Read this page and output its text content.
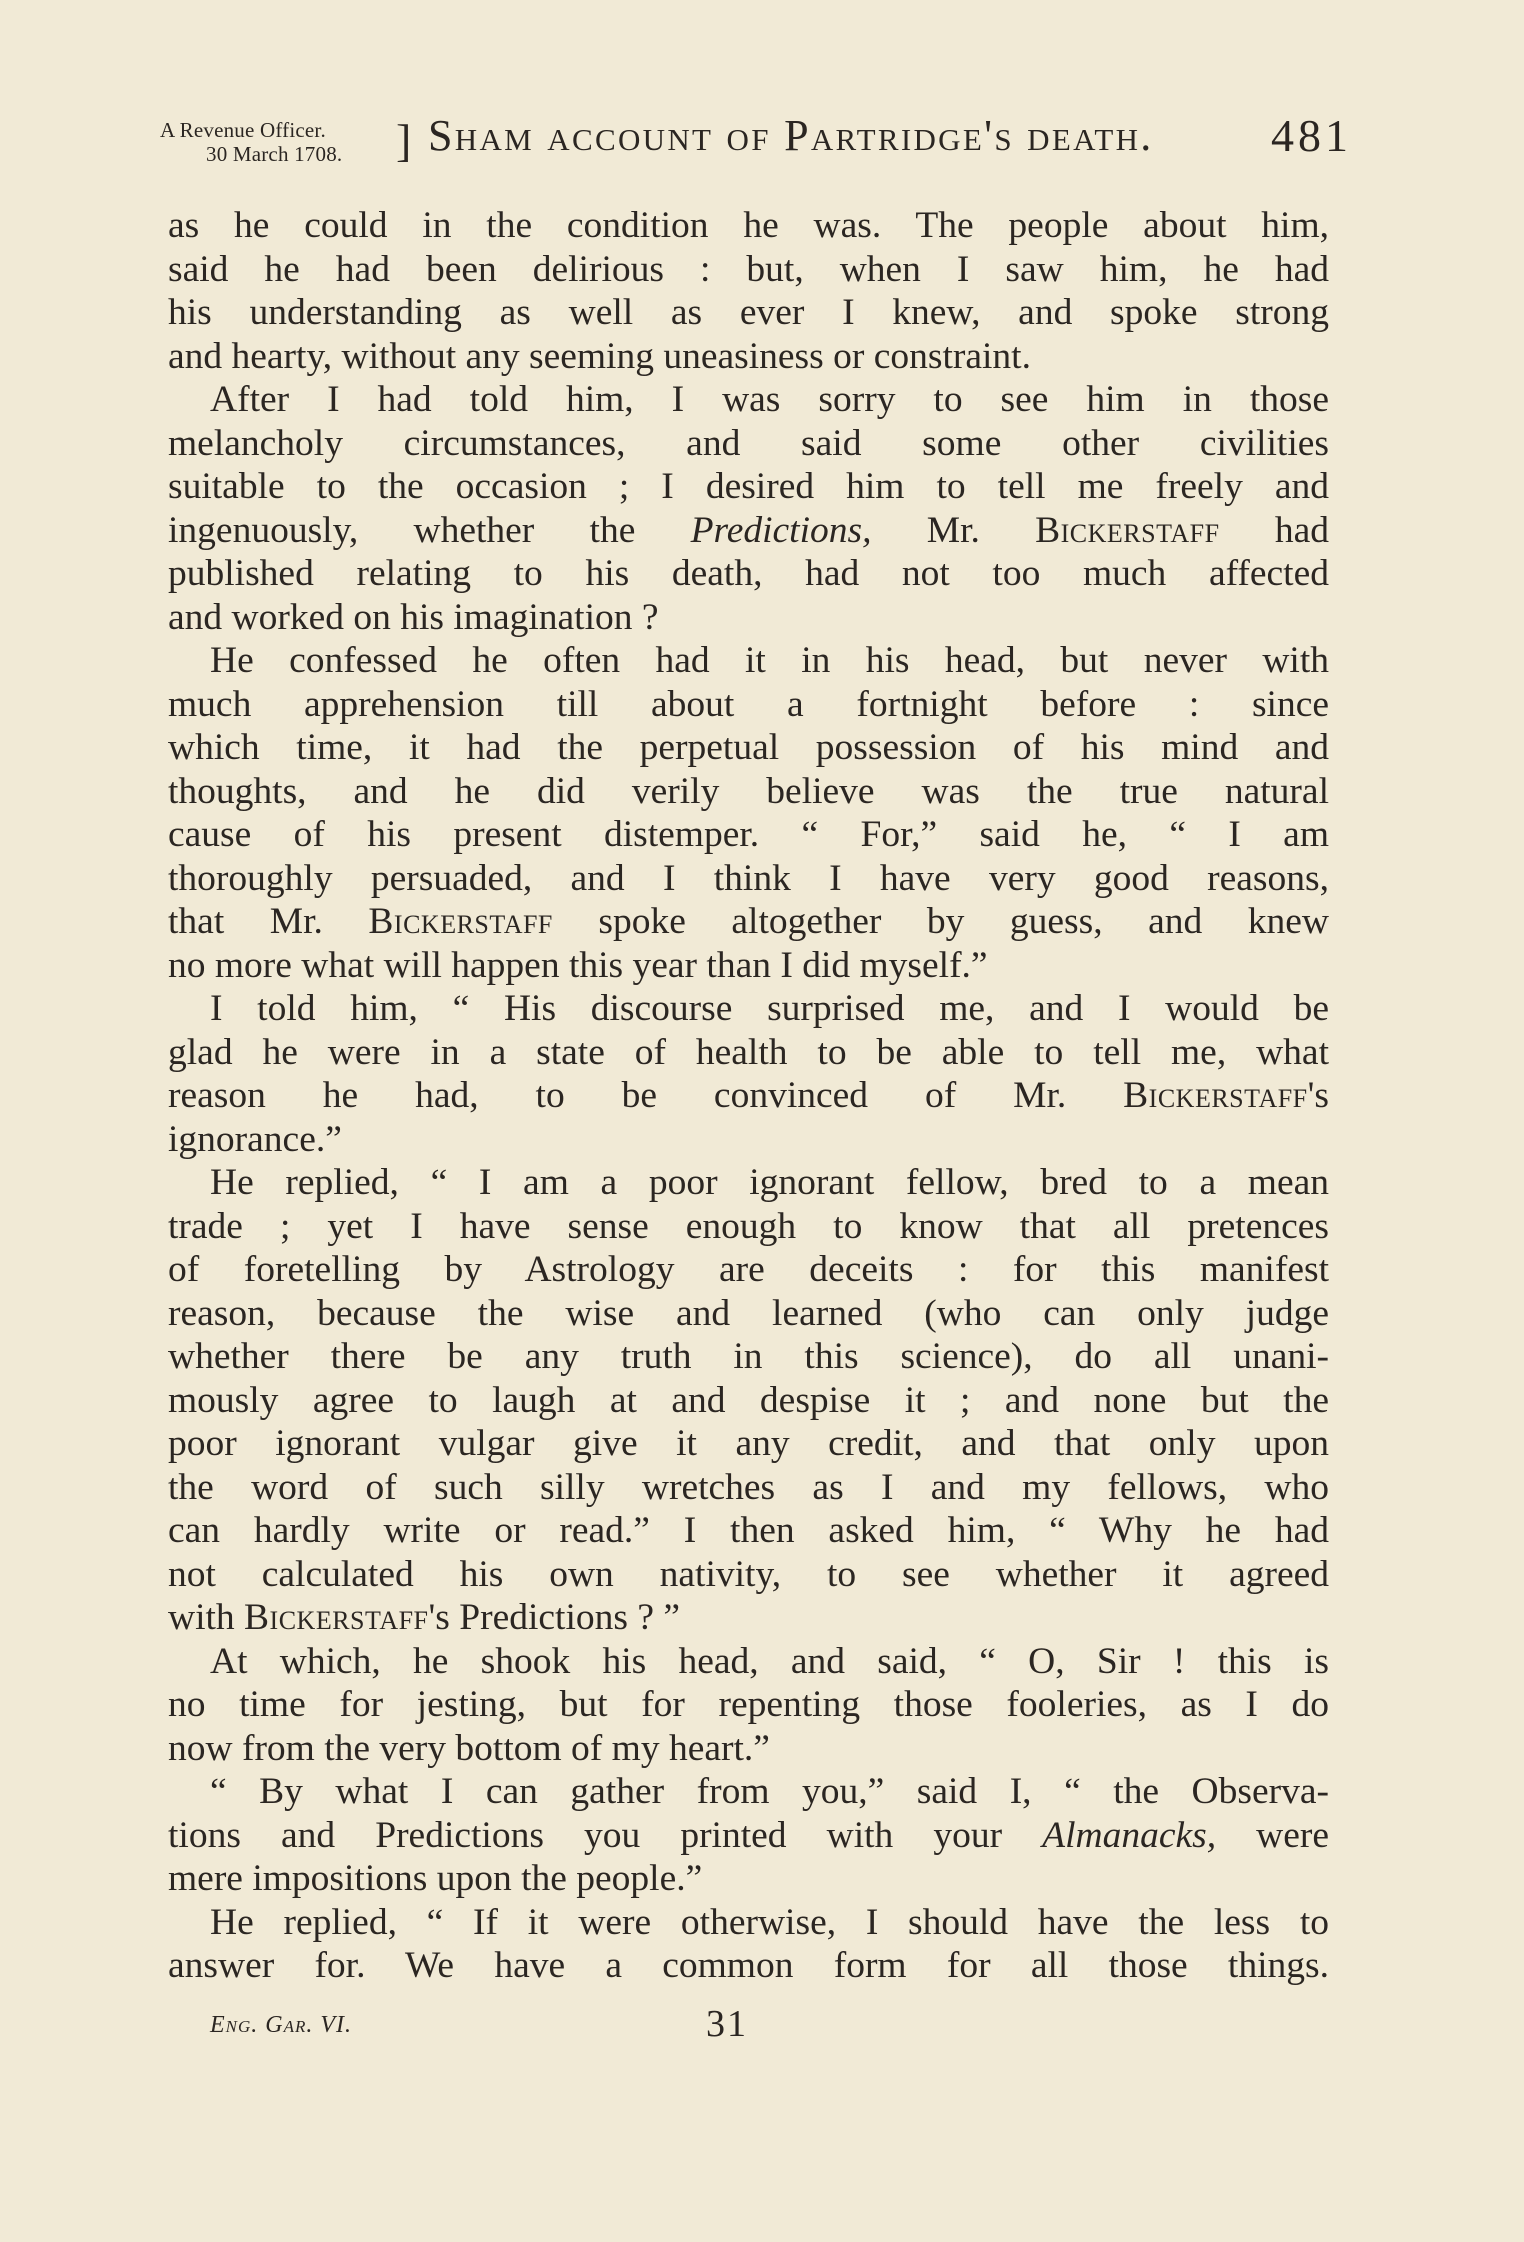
A Revenue Officer.
30 March 1708. ] Sham account of Partridge's death.	481

as he could in the condition he was. The people about him,

said he had been delirious : but, when I saw him, he had

his understanding as well as ever I knew, and spoke strong

and hearty, without any seeming uneasiness or constraint.

After I had told him, I was sorry to see him in those

melancholy circumstances, and said some other civilities

suitable to the occasion ; I desired him to tell me freely and

ingenuously, whether the Predictions, Mr. Bickerstaff had

published relating to his death, had not too much affected

and worked on his imagination ?

He confessed he often had it in his head, but never with

much apprehension till about a fortnight before : since

which time, it had the perpetual possession of his mind and

thoughts, and he did verily believe was the true natural

cause of his present distemper. “ For,” said he, “ I am

thoroughly persuaded, and I think I have very good reasons,

that Mr. Bickerstaff spoke altogether by guess, and knew

no more what will happen this year than I did myself.”

I told him, “ His discourse surprised me, and I would be

glad he were in a state of health to be able to tell me, what

reason he had, to be convinced of Mr. Bickerstaff's

ignorance.”

He replied, “ I am a poor ignorant fellow, bred to a mean

trade ; yet I have sense enough to know that all pretences

of foretelling by Astrology are deceits : for this manifest

reason, because the wise and learned (who can only judge

whether there be any truth in this science), do all unani-

mously agree to laugh at and despise it ; and none but the

poor ignorant vulgar give it any credit, and that only upon

the word of such silly wretches as I and my fellows, who

can hardly write or read.” I then asked him, “ Why he had

not calculated his own nativity, to see whether it agreed

with Bickerstaff's Predictions ? ”

At which, he shook his head, and said, “ O, Sir ! this is

no time for jesting, but for repenting those fooleries, as I do

now from the very bottom of my heart.”

“ By what I can gather from you,” said I, “ the Observa-

tions and Predictions you printed with your Almanacks, were

mere impositions upon the people.”

He replied, “ If it were otherwise, I should have the less to

answer for. We have a common form for all those things.

Eng. Gar. VI.	31
